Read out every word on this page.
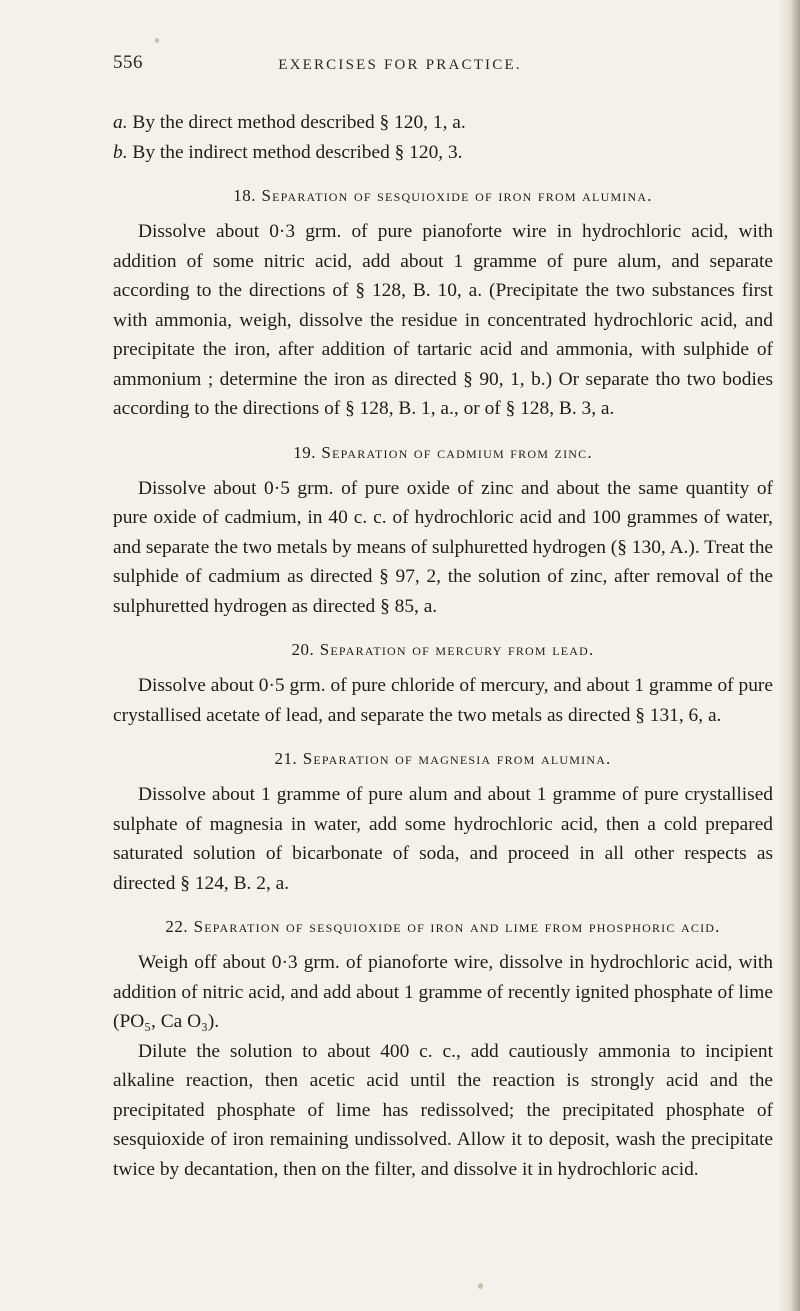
556	EXERCISES FOR PRACTICE.

a. By the direct method described § 120, 1, a.

b. By the indirect method described § 120, 3.

18. Separation of sesquioxide of iron from alumina.

Dissolve about 0·3 grm. of pure pianoforte wire in hydrochloric acid, with addition of some nitric acid, add about 1 gramme of pure alum, and separate according to the directions of § 128, B. 10, a. (Precipitate the two substances first with ammonia, weigh, dissolve the residue in concentrated hydrochloric acid, and precipitate the iron, after addition of tartaric acid and ammonia, with sulphide of ammonium ; determine the iron as directed § 90, 1, b.) Or separate tho two bodies according to the directions of § 128, B. 1, a., or of § 128, B. 3, a.

19. Separation of cadmium from zinc.

Dissolve about 0·5 grm. of pure oxide of zinc and about the same quantity of pure oxide of cadmium, in 40 c. c. of hydrochloric acid and 100 grammes of water, and separate the two metals by means of sulphuretted hydrogen (§ 130, A.). Treat the sulphide of cadmium as directed § 97, 2, the solution of zinc, after removal of the sulphuretted hydrogen as directed § 85, a.

20. Separation of mercury from lead.

Dissolve about 0·5 grm. of pure chloride of mercury, and about 1 gramme of pure crystallised acetate of lead, and separate the two metals as directed § 131, 6, a.

21. Separation of magnesia from alumina.

Dissolve about 1 gramme of pure alum and about 1 gramme of pure crystallised sulphate of magnesia in water, add some hydrochloric acid, then a cold prepared saturated solution of bicarbonate of soda, and proceed in all other respects as directed § 124, B. 2, a.

22. Separation of sesquioxide of iron and lime from phosphoric acid.

Weigh off about 0·3 grm. of pianoforte wire, dissolve in hydrochloric acid, with addition of nitric acid, and add about 1 gramme of recently ignited phosphate of lime (PO₅, Ca O₃).

Dilute the solution to about 400 c. c., add cautiously ammonia to incipient alkaline reaction, then acetic acid until the reaction is strongly acid and the precipitated phosphate of lime has redissolved; the precipitated phosphate of sesquioxide of iron remaining undissolved. Allow it to deposit, wash the precipitate twice by decantation, then on the filter, and dissolve it in hydrochloric acid.
